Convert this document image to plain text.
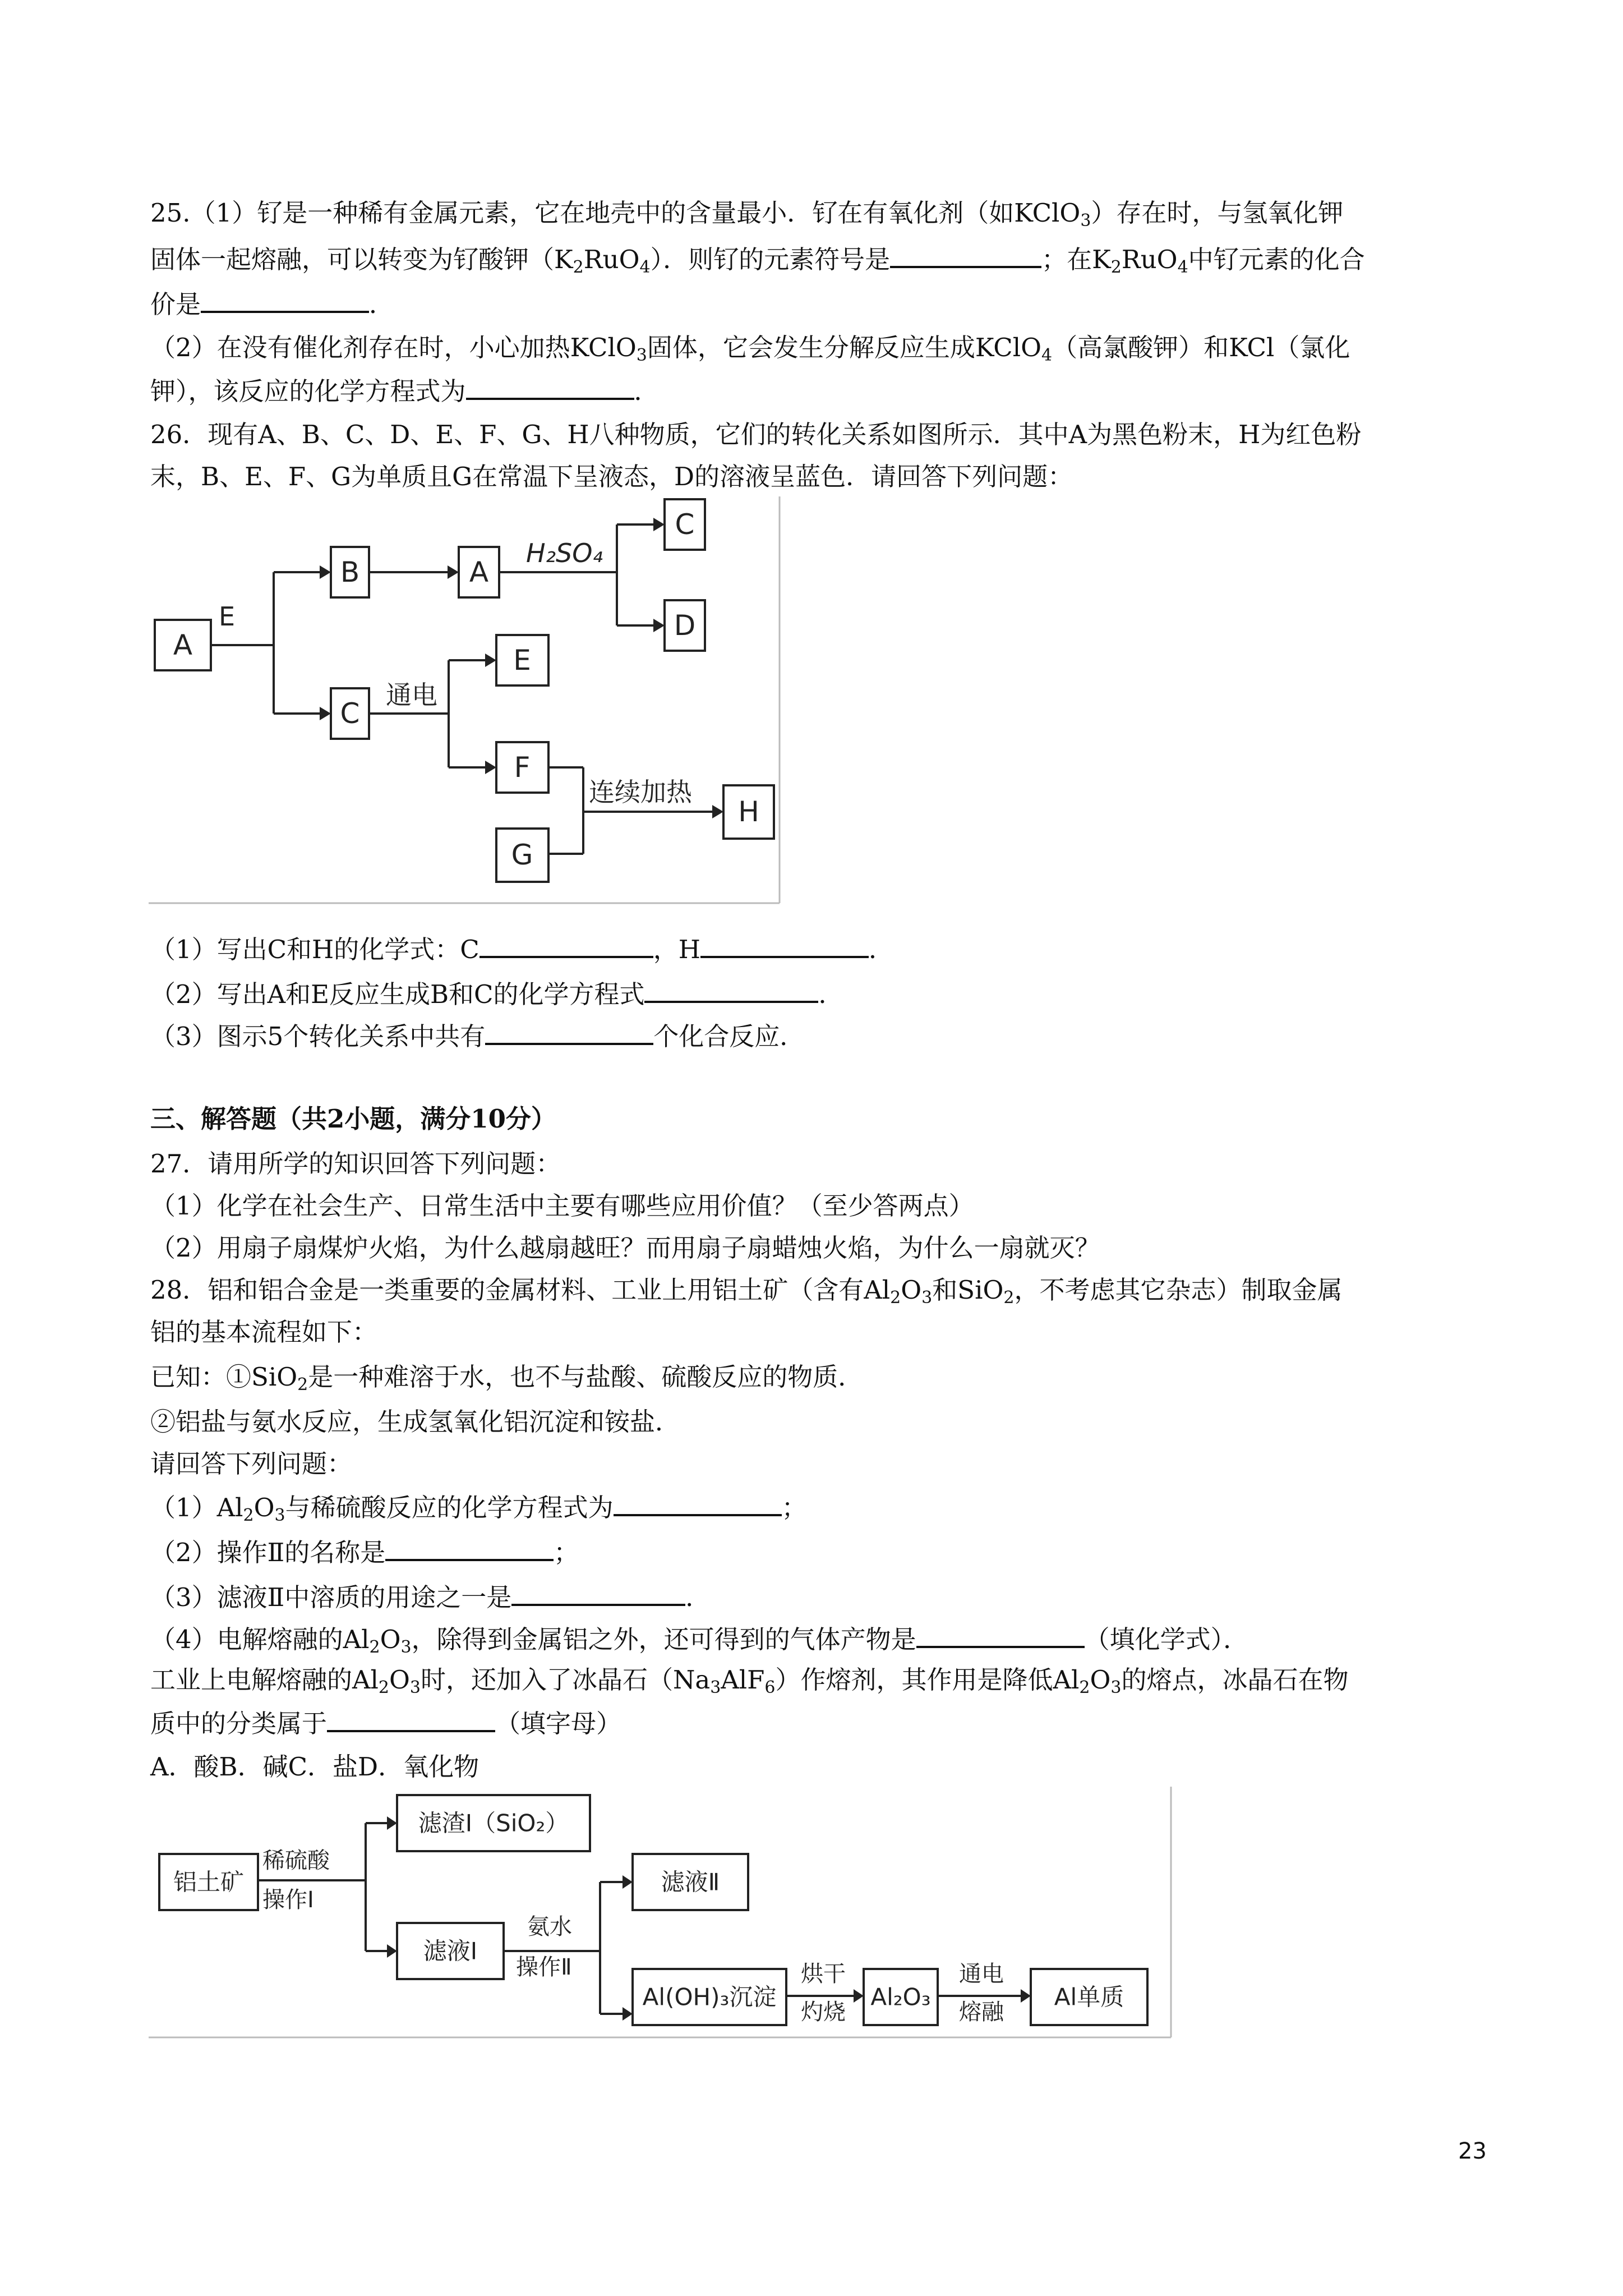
25.（1）钌是一种稀有金属元素，它在地壳中的含量最小．钌在有氧化剂（如KClO$_3$）存在时，与氢氧化钾
固体一起熔融，可以转变为钌酸钾$(K_2RuO_4)$．则钌的元素符号是	；在$K_2RuO_4$中钌元素的化合
价是	．
（2）在没有催化剂存在时，小心加热KClO$_3$固体，它会发生分解反应生成KClO$_4$（高氯酸钾）和KCl（氯化
钾），该反应的化学方程式为	．
26．现有A、B、C、D、E、F、G、H八种物质，它们的转化关系如图所示．其中A为黑色粉末，H为红色粉
末，B、E、F、G为单质且G在常温下呈液态，D的溶液呈蓝色．请回答下列问题：
A
B	A
C
D
C
E
F
G
H
E
H₂SO₄
通电
连续加热
（1）写出C和H的化学式：C	，H	．
（2）写出A和E反应生成B和C的化学方程式	．
（3）图示5个转化关系中共有	个化合反应．
三、解答题（共2小题，满分10分）
27．请用所学的知识回答下列问题：
（1）化学在社会生产、日常生活中主要有哪些应用价值？（至少答两点）
（2）用扇子扇煤炉火焰，为什么越扇越旺？而用扇子扇蜡烛火焰，为什么一扇就灭？
28．铝和铝合金是一类重要的金属材料、工业上用铝土矿（含有$Al_2O_3$和SiO$_2$，不考虑其它杂志）制取金属
铝的基本流程如下：
已知：①SiO$_2$是一种难溶于水，也不与盐酸、硫酸反应的物质．
②铝盐与氨水反应，生成氢氧化铝沉淀和铵盐．
请回答下列问题：
$(1)Al_2O_3$与稀硫酸反应的化学方程式为	；
（2）操作Ⅱ的名称是	；
（3）滤液Ⅱ中溶质的用途之一是	．
（4）电解熔融的$Al_2O_3$，除得到金属铝之外，还可得到的气体产物是	（填化学式）．
工业上电解熔融的$Al_2O_3$时，还加入了冰晶石$(Na_3AlF_6)$作熔剂，其作用是降低$Al_2O_3$的熔点，冰晶石在物
质中的分类属于	（填字母）
A．酸B．碱C．盐D．氧化物
铝土矿
滤渣Ⅰ（SiO₂）
滤液Ⅰ
滤液Ⅱ
Al(OH)₃沉淀	Al₂O₃	Al单质
稀硫酸
操作Ⅰ
氨水
操作Ⅱ	烘干
灼烧
通电
熔融
23
